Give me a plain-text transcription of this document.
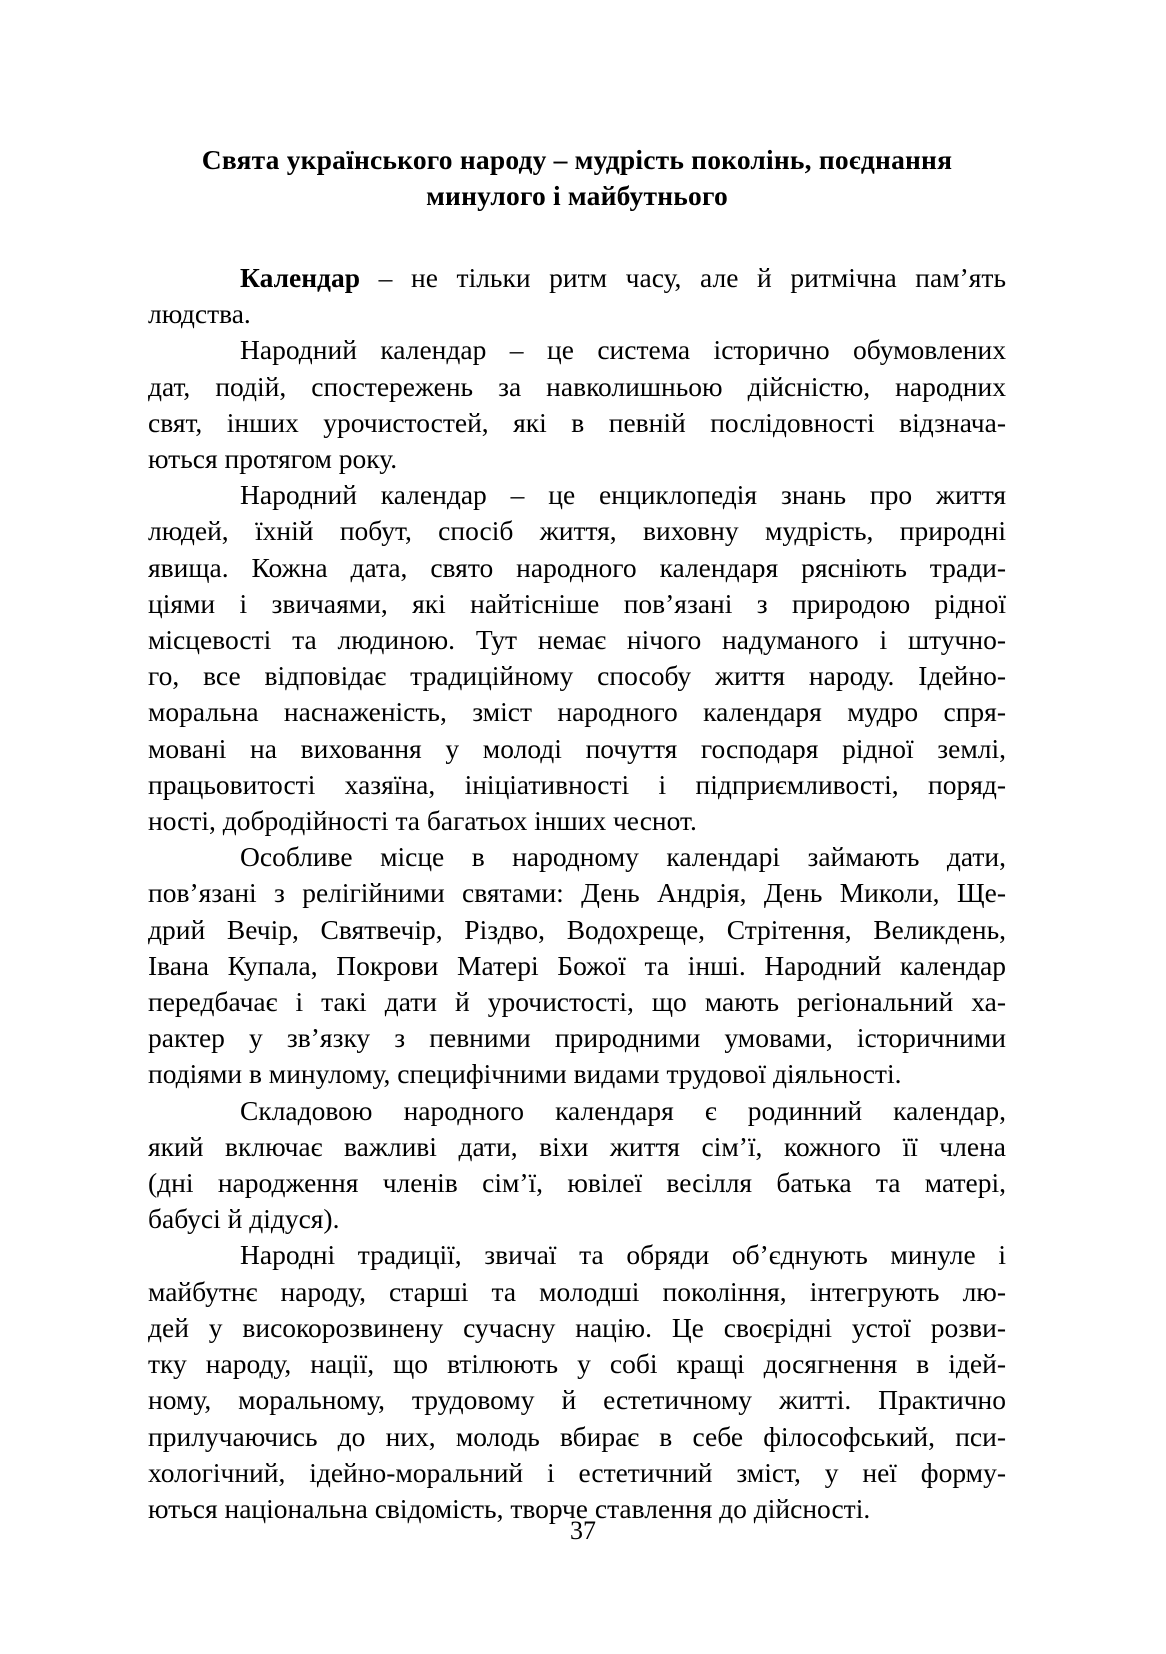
Свята українського народу – мудрість поколінь, поєднання
минулого і майбутнього

Календар – не тільки ритм часу, але й ритмічна пам’ять
людства.

Народний календар – це система історично обумовлених
дат, подій, спостережень за навколишньою дійсністю, народних
свят, інших урочистостей, які в певній послідовності відзнача-
ються протягом року.

Народний календар – це енциклопедія знань про життя
людей, їхній побут, спосіб життя, виховну мудрість, природні
явища. Кожна дата, свято народного календаря рясніють тради-
ціями і звичаями, які найтісніше пов’язані з природою рідної
місцевості та людиною. Тут немає нічого надуманого і штучно-
го, все відповідає традиційному способу життя народу. Ідейно-
моральна наснаженість, зміст народного календаря мудро спря-
мовані на виховання у молоді почуття господаря рідної землі,
працьовитості хазяїна, ініціативності і підприємливості, поряд-
ності, добродійності та багатьох інших чеснот.

Особливе місце в народному календарі займають дати,
пов’язані з релігійними святами: День Андрія, День Миколи, Ще-
дрий Вечір, Святвечір, Різдво, Водохреще, Стрітення, Великдень,
Івана Купала, Покрови Матері Божої та інші. Народний календар
передбачає і такі дати й урочистості, що мають регіональний ха-
рактер у зв’язку з певними природними умовами, історичними
подіями в минулому, специфічними видами трудової діяльності.

Складовою народного календаря є родинний календар,
який включає важливі дати, віхи життя сім’ї, кожного її члена
(дні народження членів сім’ї, ювілеї весілля батька та матері,
бабусі й дідуся).

Народні традиції, звичаї та обряди об’єднують минуле і
майбутнє народу, старші та молодші покоління, інтегрують лю-
дей у високорозвинену сучасну націю. Це своєрідні устої розви-
тку народу, нації, що втілюють у собі кращі досягнення в ідей-
ному, моральному, трудовому й естетичному житті. Практично
прилучаючись до них, молодь вбирає в себе філософський, пси-
хологічний, ідейно-моральний і естетичний зміст, у неї форму-
ються національна свідомість, творче ставлення до дійсності.

37
